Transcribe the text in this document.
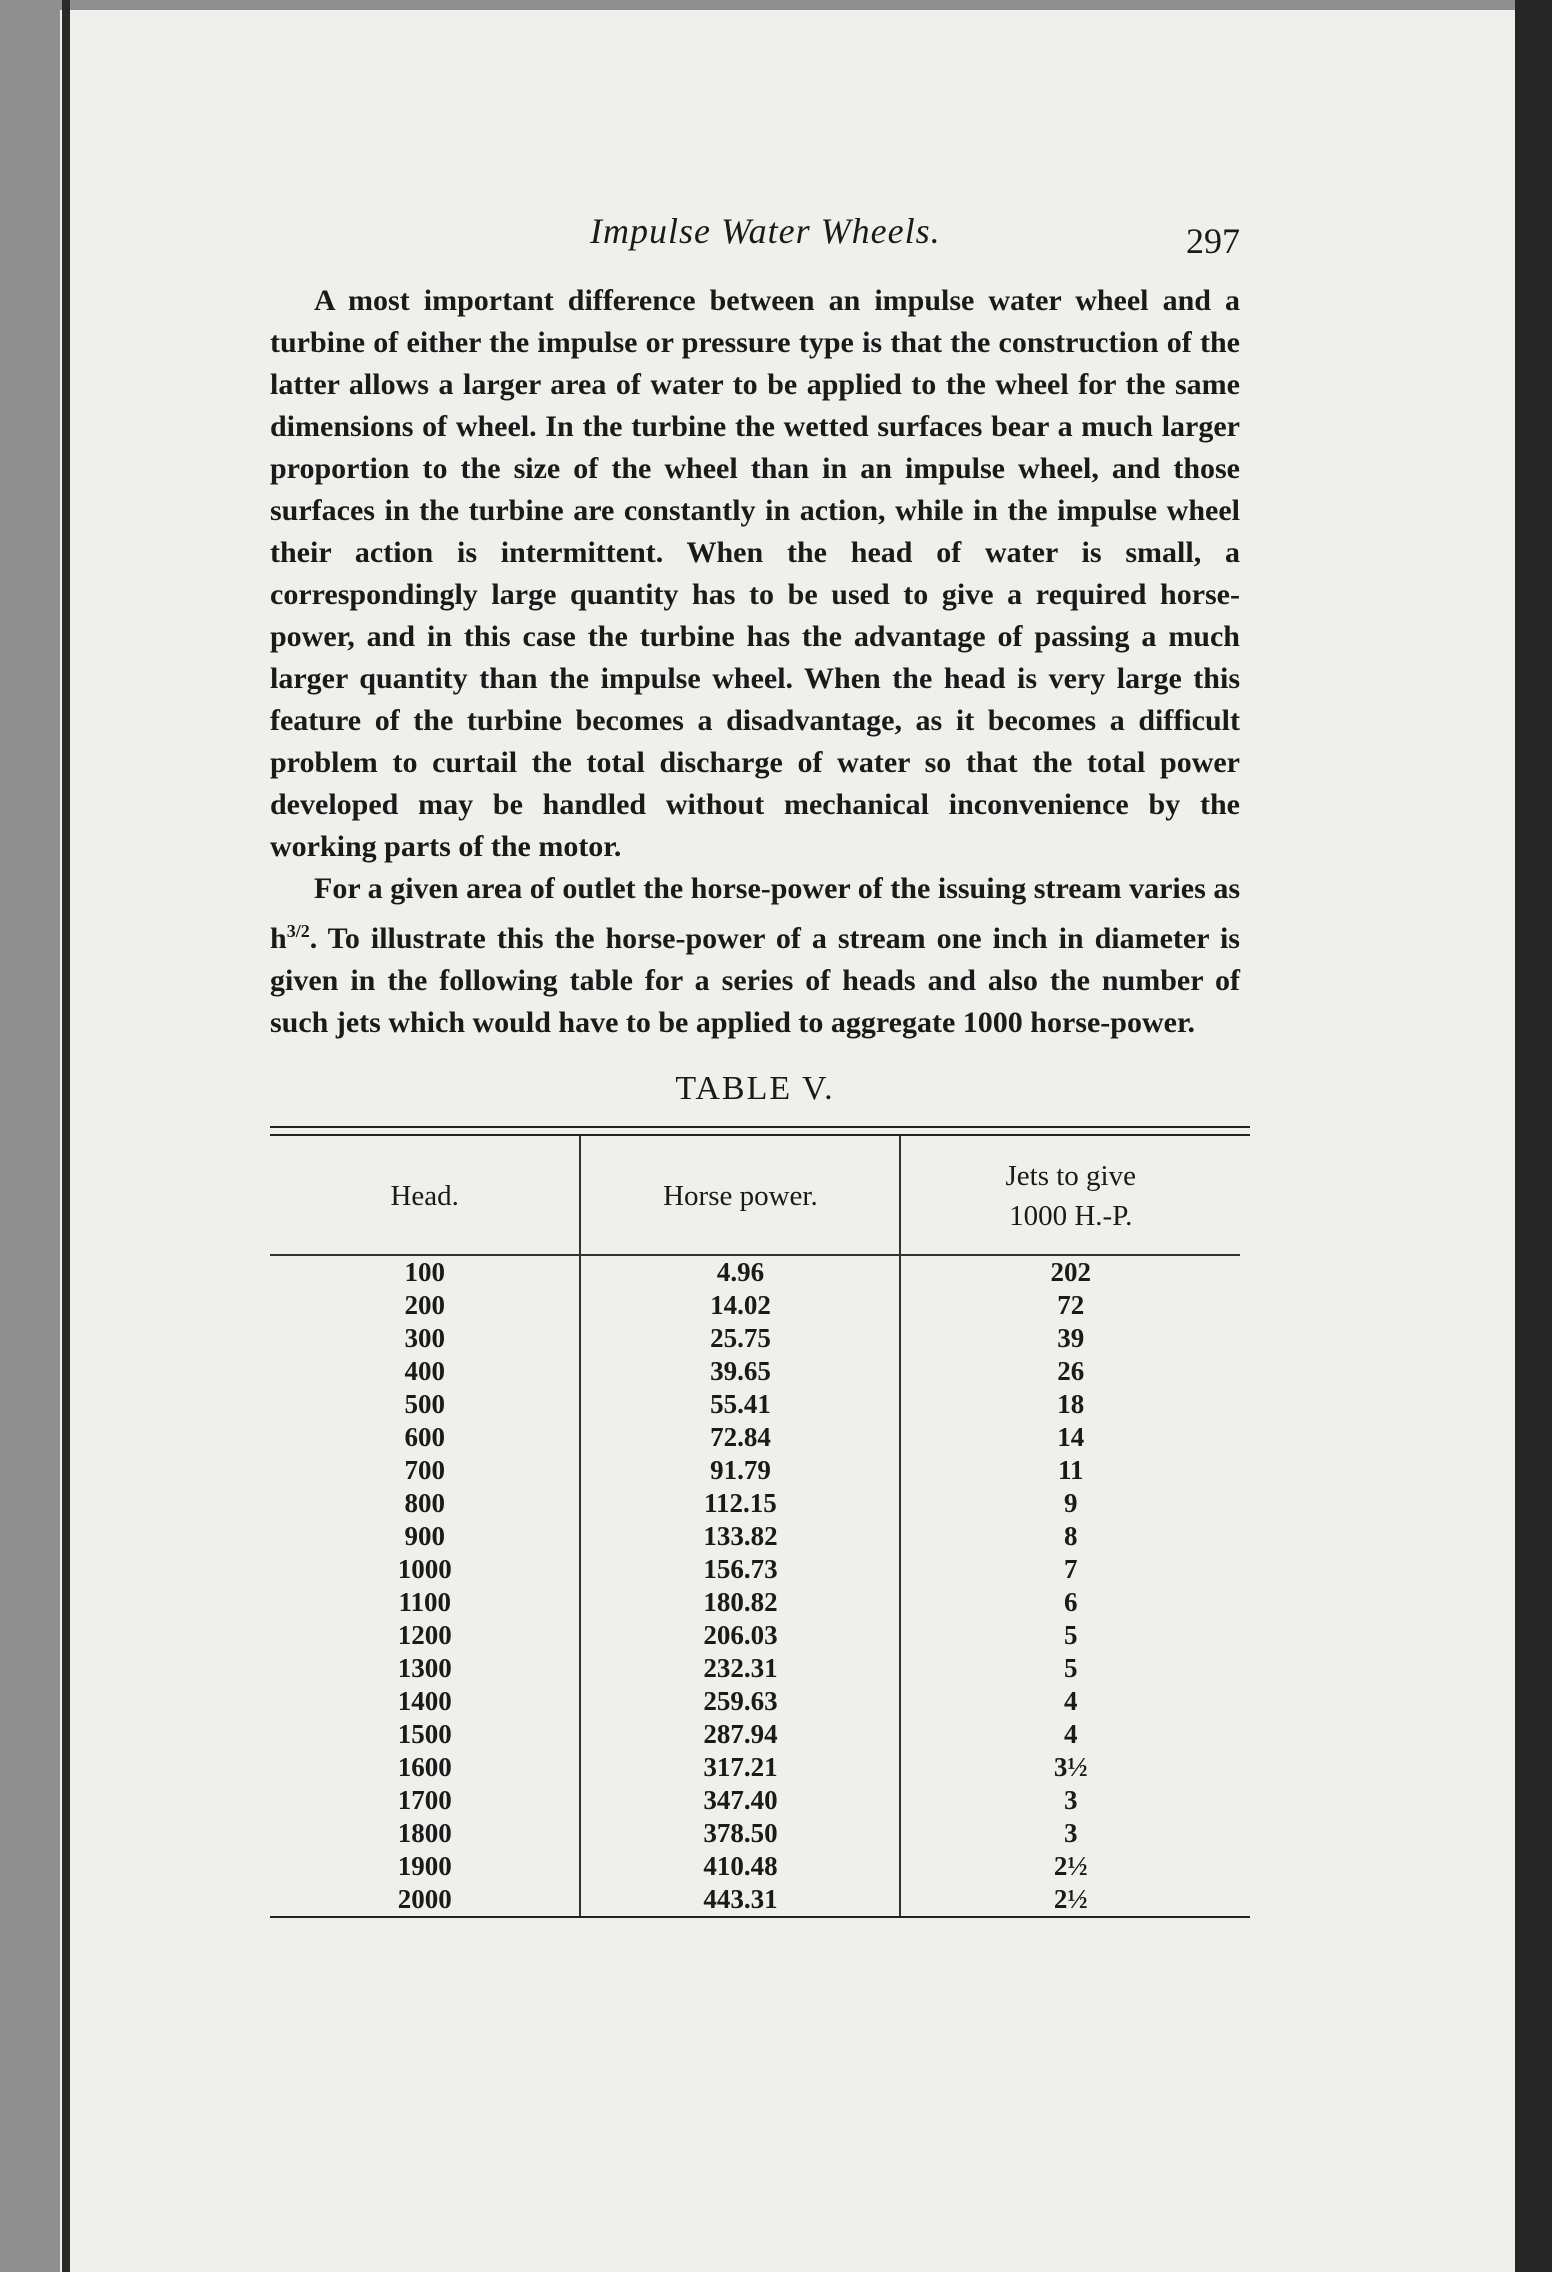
Impulse Water Wheels.	297

A most important difference between an impulse water wheel and a turbine of either the impulse or pressure type is that the construction of the latter allows a larger area of water to be applied to the wheel for the same dimensions of wheel. In the turbine the wetted surfaces bear a much larger proportion to the size of the wheel than in an impulse wheel, and those surfaces in the turbine are constantly in action, while in the impulse wheel their action is intermittent. When the head of water is small, a correspondingly large quantity has to be used to give a required horse-power, and in this case the turbine has the advantage of passing a much larger quantity than the impulse wheel. When the head is very large this feature of the turbine becomes a disadvantage, as it becomes a difficult problem to curtail the total discharge of water so that the total power developed may be handled without mechanical inconvenience by the working parts of the motor.

For a given area of outlet the horse-power of the issuing stream varies as $h^{3/2}$. To illustrate this the horse-power of a stream one inch in diameter is given in the following table for a series of heads and also the number of such jets which would have to be applied to aggregate 1000 horse-power.

TABLE V.
Head.	Horse power.	Jets to give
1000 H.-P.
100	4.96	202
200	14.02	72
300	25.75	39
400	39.65	26
500	55.41	18
600	72.84	14
700	91.79	11
800	112.15	9
900	133.82	8
1000	156.73	7
1100	180.82	6
1200	206.03	5
1300	232.31	5
1400	259.63	4
1500	287.94	4
1600	317.21	3½
1700	347.40	3
1800	378.50	3
1900	410.48	2½
2000	443.31	2½
